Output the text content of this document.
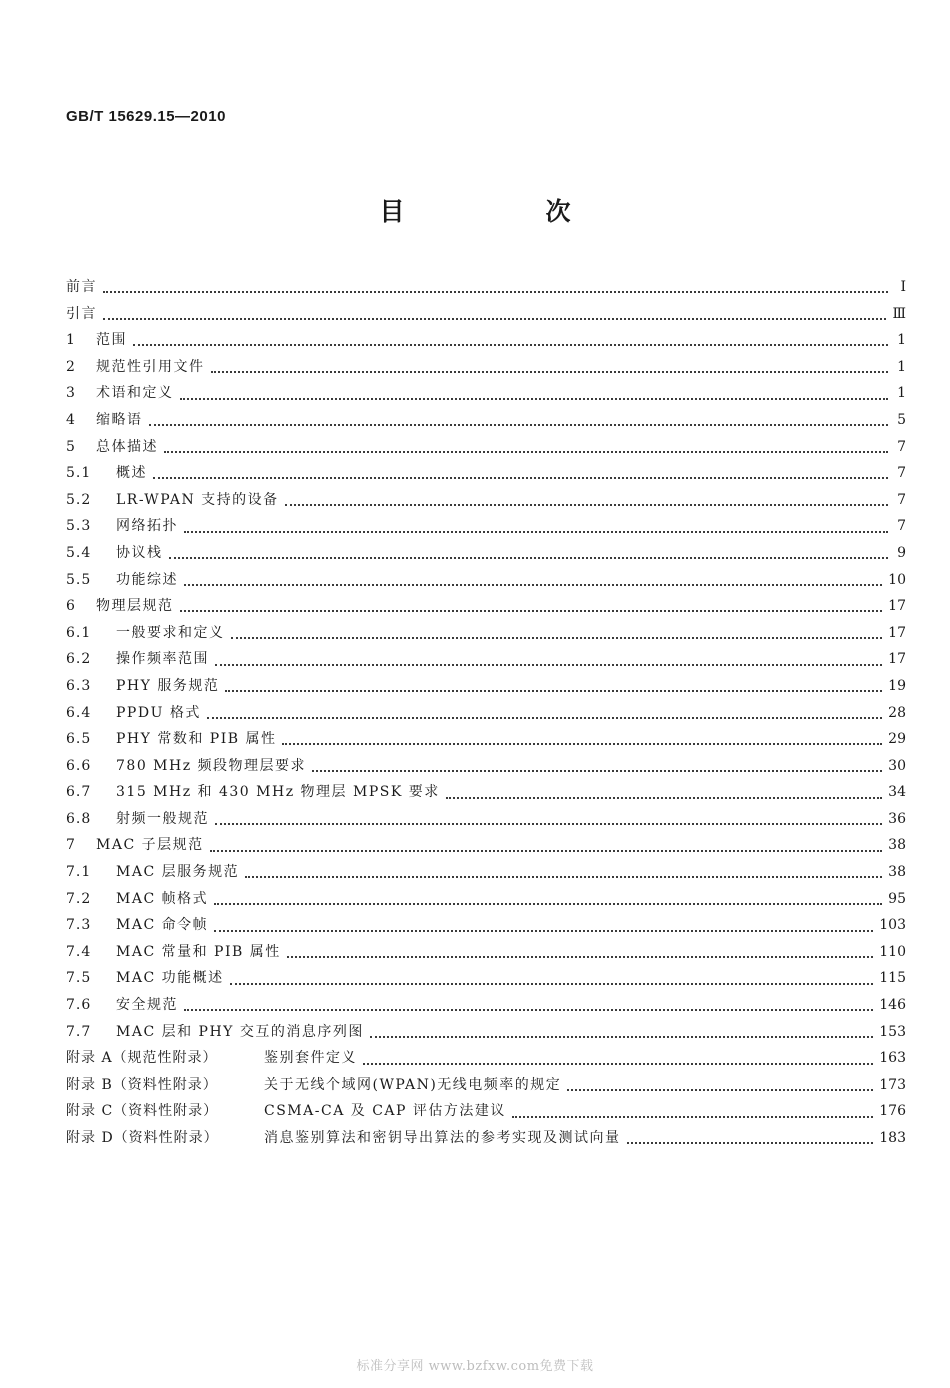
GB/T 15629.15—2010
目　次
前言	Ⅰ
引言	Ⅲ
1	范围	1
2	规范性引用文件	1
3	术语和定义	1
4	缩略语	5
5	总体描述	7
5.1	概述	7
5.2	LR-WPAN 支持的设备	7
5.3	网络拓扑	7
5.4	协议栈	9
5.5	功能综述	10
6	物理层规范	17
6.1	一般要求和定义	17
6.2	操作频率范围	17
6.3	PHY 服务规范	19
6.4	PPDU 格式	28
6.5	PHY 常数和 PIB 属性	29
6.6	780 MHz 频段物理层要求	30
6.7	315 MHz 和 430 MHz 物理层 MPSK 要求	34
6.8	射频一般规范	36
7	MAC 子层规范	38
7.1	MAC 层服务规范	38
7.2	MAC 帧格式	95
7.3	MAC 命令帧	103
7.4	MAC 常量和 PIB 属性	110
7.5	MAC 功能概述	115
7.6	安全规范	146
7.7	MAC 层和 PHY 交互的消息序列图	153
附录 A（规范性附录）	鉴别套件定义	163
附录 B（资料性附录）	关于无线个域网(WPAN)无线电频率的规定	173
附录 C（资料性附录）	CSMA-CA 及 CAP 评估方法建议	176
附录 D（资料性附录）	消息鉴别算法和密钥导出算法的参考实现及测试向量	183
标准分享网 www.bzfxw.com免费下载
